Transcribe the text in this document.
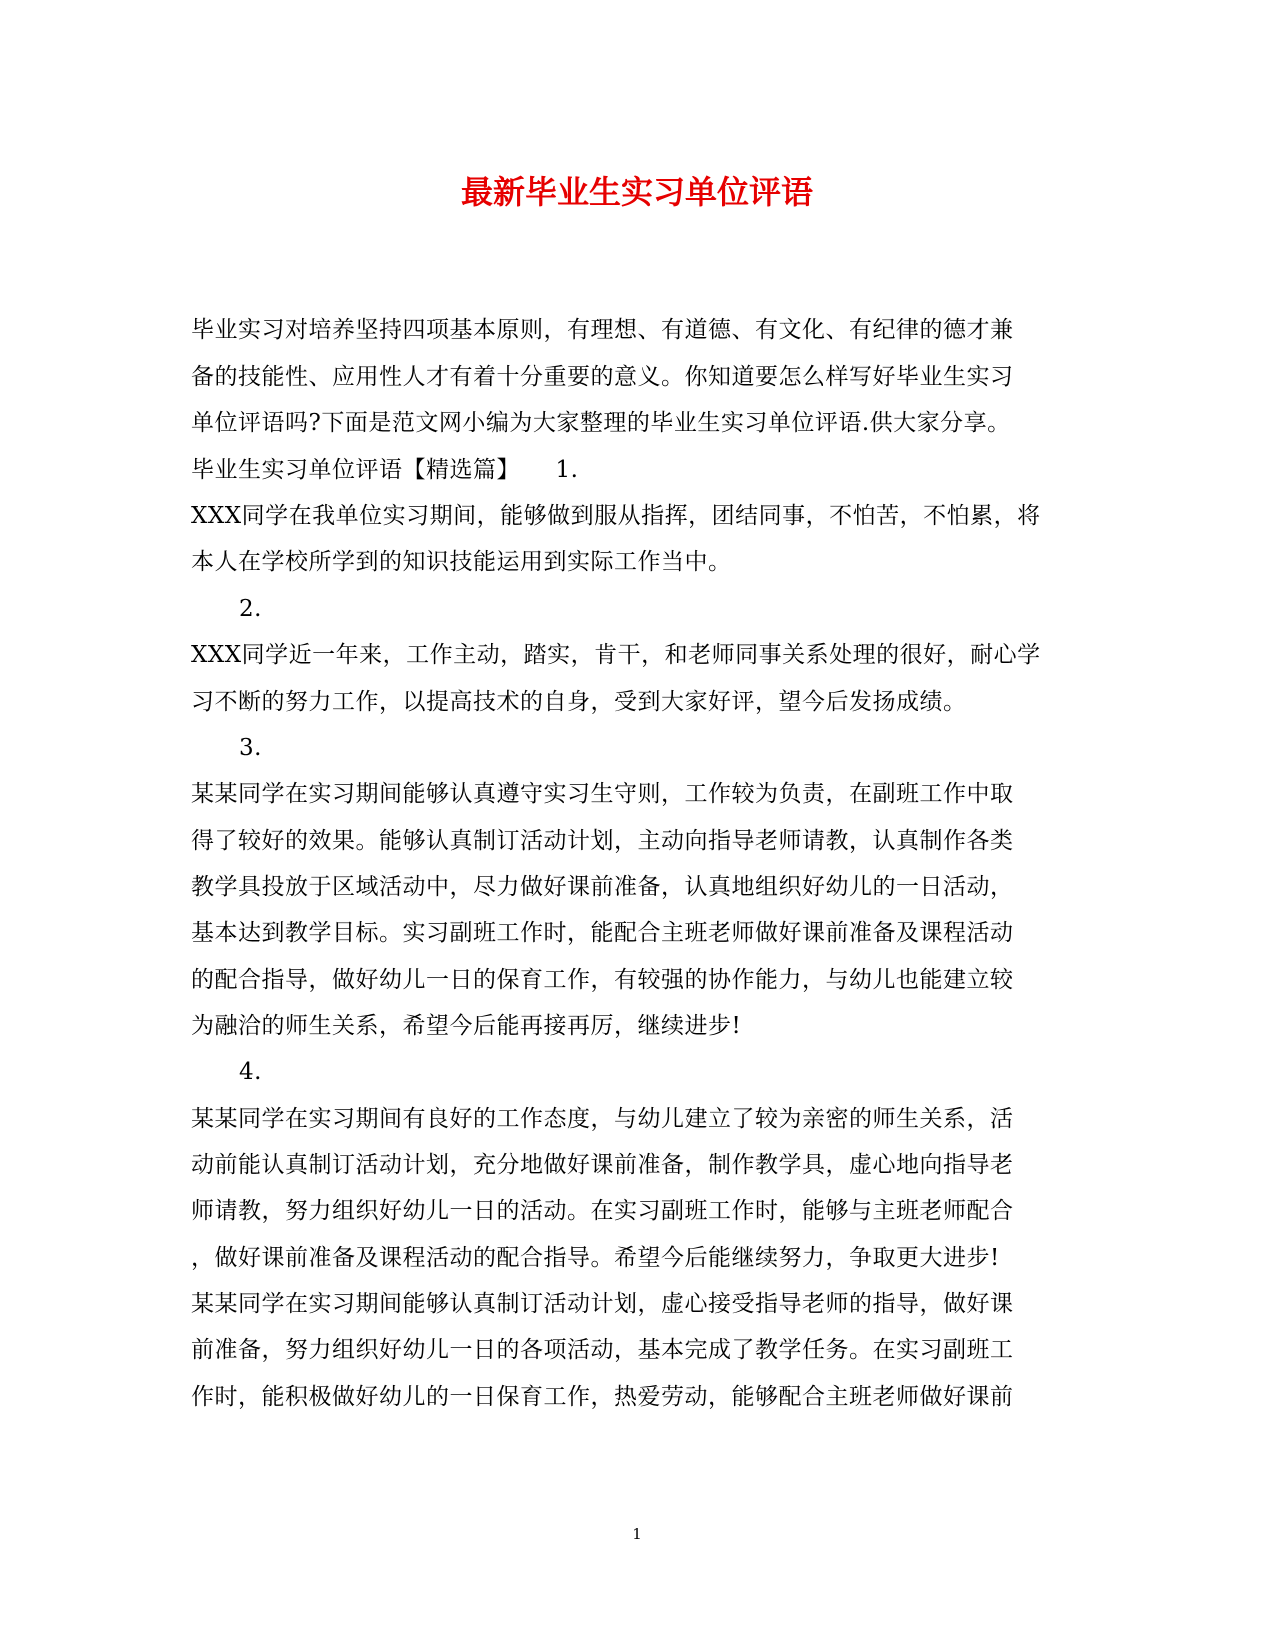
最新毕业生实习单位评语
毕业实习对培养坚持四项基本原则，有理想、有道德、有文化、有纪律的德才兼
备的技能性、应用性人才有着十分重要的意义。你知道要怎么样写好毕业生实习
单位评语吗?下面是范文网小编为大家整理的毕业生实习单位评语.供大家分享。
毕业生实习单位评语【精选篇】　　1.
XXX同学在我单位实习期间，能够做到服从指挥，团结同事，不怕苦，不怕累，将
本人在学校所学到的知识技能运用到实际工作当中。
2.
XXX同学近一年来，工作主动，踏实，肯干，和老师同事关系处理的很好，耐心学
习不断的努力工作，以提高技术的自身，受到大家好评，望今后发扬成绩。
3.
某某同学在实习期间能够认真遵守实习生守则，工作较为负责，在副班工作中取
得了较好的效果。能够认真制订活动计划，主动向指导老师请教，认真制作各类
教学具投放于区域活动中，尽力做好课前准备，认真地组织好幼儿的一日活动，
基本达到教学目标。实习副班工作时，能配合主班老师做好课前准备及课程活动
的配合指导，做好幼儿一日的保育工作，有较强的协作能力，与幼儿也能建立较
为融洽的师生关系，希望今后能再接再厉，继续进步!
4.
某某同学在实习期间有良好的工作态度，与幼儿建立了较为亲密的师生关系，活
动前能认真制订活动计划，充分地做好课前准备，制作教学具，虚心地向指导老
师请教，努力组织好幼儿一日的活动。在实习副班工作时，能够与主班老师配合
，做好课前准备及课程活动的配合指导。希望今后能继续努力，争取更大进步!
某某同学在实习期间能够认真制订活动计划，虚心接受指导老师的指导，做好课
前准备，努力组织好幼儿一日的各项活动，基本完成了教学任务。在实习副班工
作时，能积极做好幼儿的一日保育工作，热爱劳动，能够配合主班老师做好课前
1
